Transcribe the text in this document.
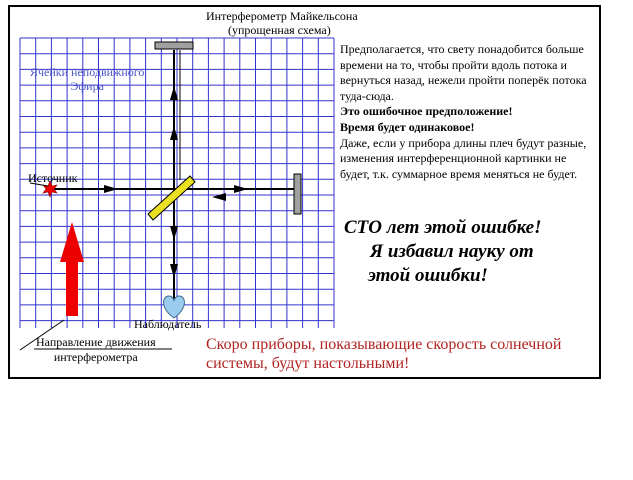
Интерферометр Майкельсона
(упрощенная схема)
Ячейки неподвижного
Эфира
Источник
Наблюдатель
Направление движения
интерферометра

Предполагается, что свету понадобится больше времени на то, чтобы пройти вдоль потока и вернуться назад, нежели пройти поперёк потока туда-сюда.

Это ошибочное предположение!

Время будет одинаковое!

Даже, если у прибора длины плеч будут разные, изменения интерференционной картинки не будет, т.к. суммарное время меняться не будет.

СТО лет этой ошибке!
Я избавил науку от
этой ошибки!
Скоро приборы, показывающие скорость солнечной системы, будут настольными!
